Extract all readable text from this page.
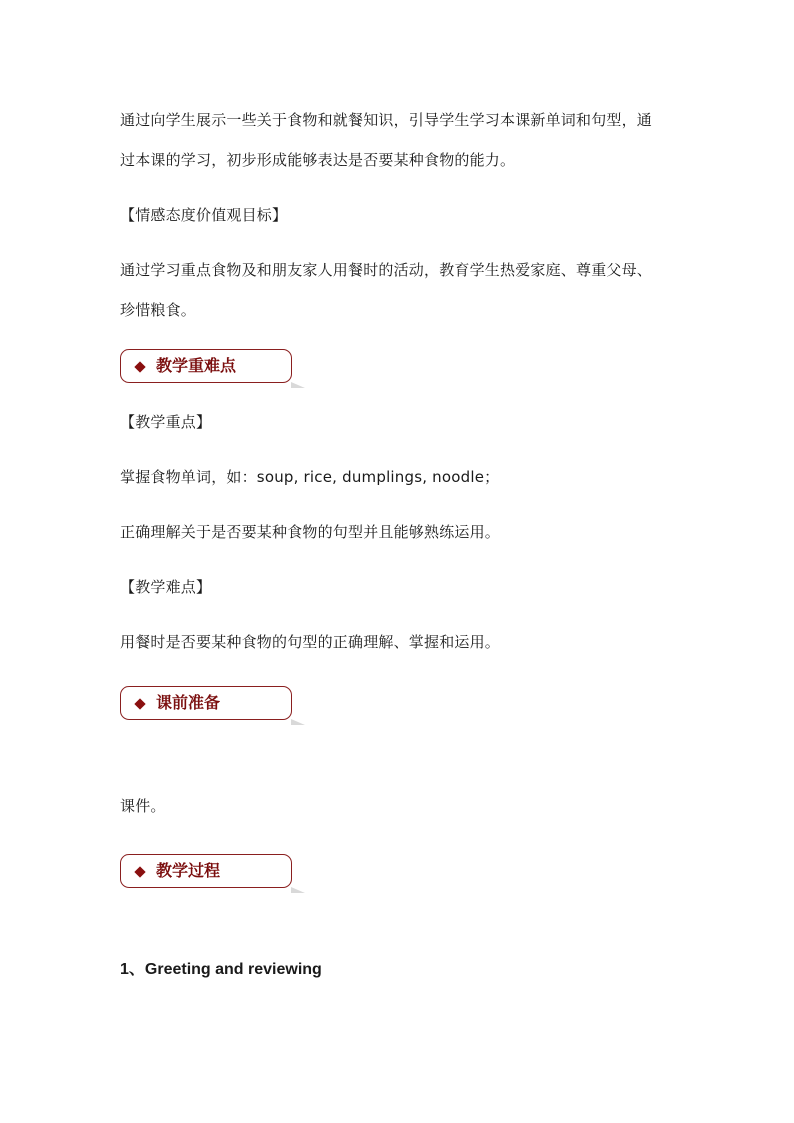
通过向学生展示一些关于食物和就餐知识，引导学生学习本课新单词和句型，通
过本课的学习，初步形成能够表达是否要某种食物的能力。
【情感态度价值观目标】
通过学习重点食物及和朋友家人用餐时的活动，教育学生热爱家庭、尊重父母、
珍惜粮食。
教学重难点
【教学重点】
掌握食物单词，如：soup, rice, dumplings, noodle；
正确理解关于是否要某种食物的句型并且能够熟练运用。
【教学难点】
用餐时是否要某种食物的句型的正确理解、掌握和运用。
课前准备
课件。
教学过程
1、Greeting and reviewing
